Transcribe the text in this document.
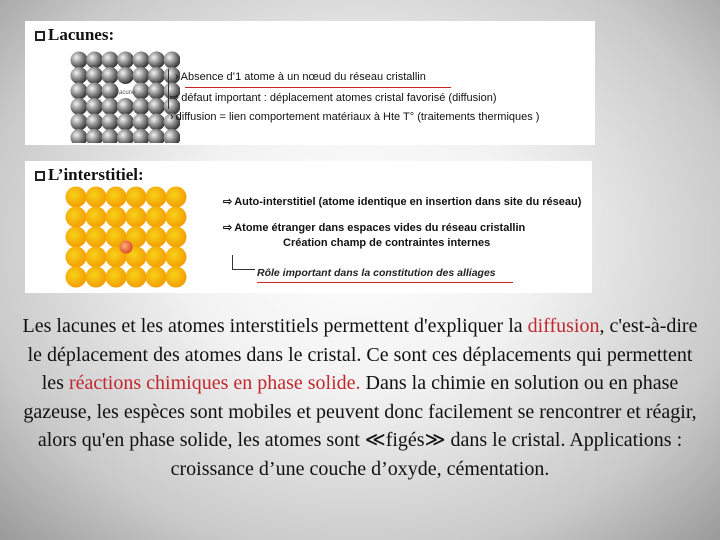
Lacunes:
Lacune
› Absence d’1 atome à un nœud du réseau cristallin
⇨ défaut important : déplacement atomes cristal favorisé (diffusion)
› diffusion = lien comportement matériaux à Hte T° (traitements thermiques )
L’interstitiel:
⇨ Auto-interstitiel (atome identique en insertion dans site du réseau)
⇨ Atome étranger dans espaces vides du réseau cristallin
Création champ de contraintes internes
Rôle important dans la constitution des alliages
Les lacunes et les atomes interstitiels permettent d'expliquer la diffusion, c'est-à-dire le déplacement des atomes dans le cristal. Ce sont ces déplacements qui permettent les réactions chimiques en phase solide. Dans la chimie en solution ou en phase gazeuse, les espèces sont mobiles et peuvent donc facilement se rencontrer et réagir, alors qu'en phase solide, les atomes sont ≪figés≫ dans le cristal. Applications : croissance d’une couche d’oxyde, cémentation.
